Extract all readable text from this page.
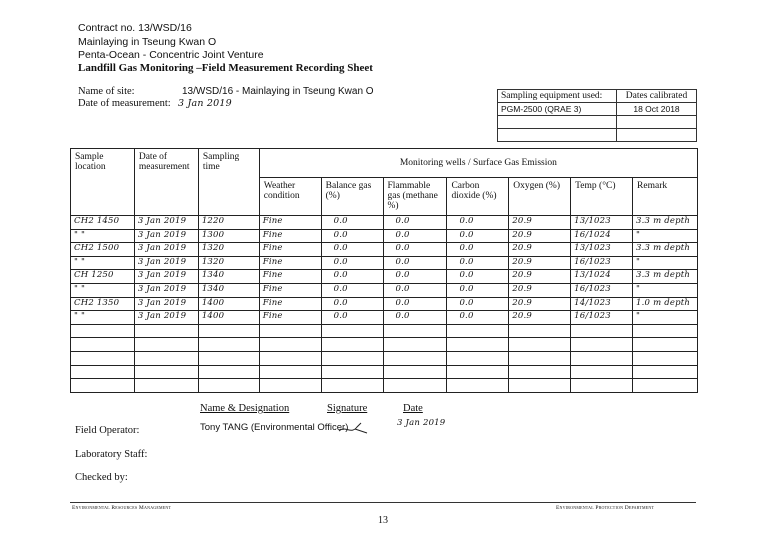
Contract no. 13/WSD/16
Mainlaying in Tseung Kwan O
Penta-Ocean - Concentric Joint Venture
Landfill Gas Monitoring –Field Measurement Recording Sheet
Name of site:	13/WSD/16 - Mainlaying in Tseung Kwan O
Date of measurement: 3 Jan 2019
Sampling equipment used:	Dates calibrated
PGM-2500 (QRAE 3)	18 Oct 2018

Sample location	Date of measurement	Sampling time	Monitoring wells / Surface Gas Emission						
			Weather condition	Balance gas (%)	Flammable gas (methane %)	Carbon dioxide (%)	Oxygen (%)	Temp (°C)	Remark
CH2 1450	3 Jan 2019	1220	Fine	0.0	0.0	0.0	20.9	13/1023	3.3 m depth
" "	3 Jan 2019	1300	Fine	0.0	0.0	0.0	20.9	16/1024	"
CH2 1500	3 Jan 2019	1320	Fine	0.0	0.0	0.0	20.9	13/1023	3.3 m depth
" "	3 Jan 2019	1320	Fine	0.0	0.0	0.0	20.9	16/1023	"
CH 1250	3 Jan 2019	1340	Fine	0.0	0.0	0.0	20.9	13/1024	3.3 m depth
" "	3 Jan 2019	1340	Fine	0.0	0.0	0.0	20.9	16/1023	"
CH2 1350	3 Jan 2019	1400	Fine	0.0	0.0	0.0	20.9	14/1023	1.0 m depth
" "	3 Jan 2019	1400	Fine	0.0	0.0	0.0	20.9	16/1023	"

Name & Designation	Signature	Date
Field Operator:	Tony TANG (Environmental Officer)	3 Jan 2019
Laboratory Staff:
Checked by:
Environmental Resources Management	Environmental Protection Department
13
